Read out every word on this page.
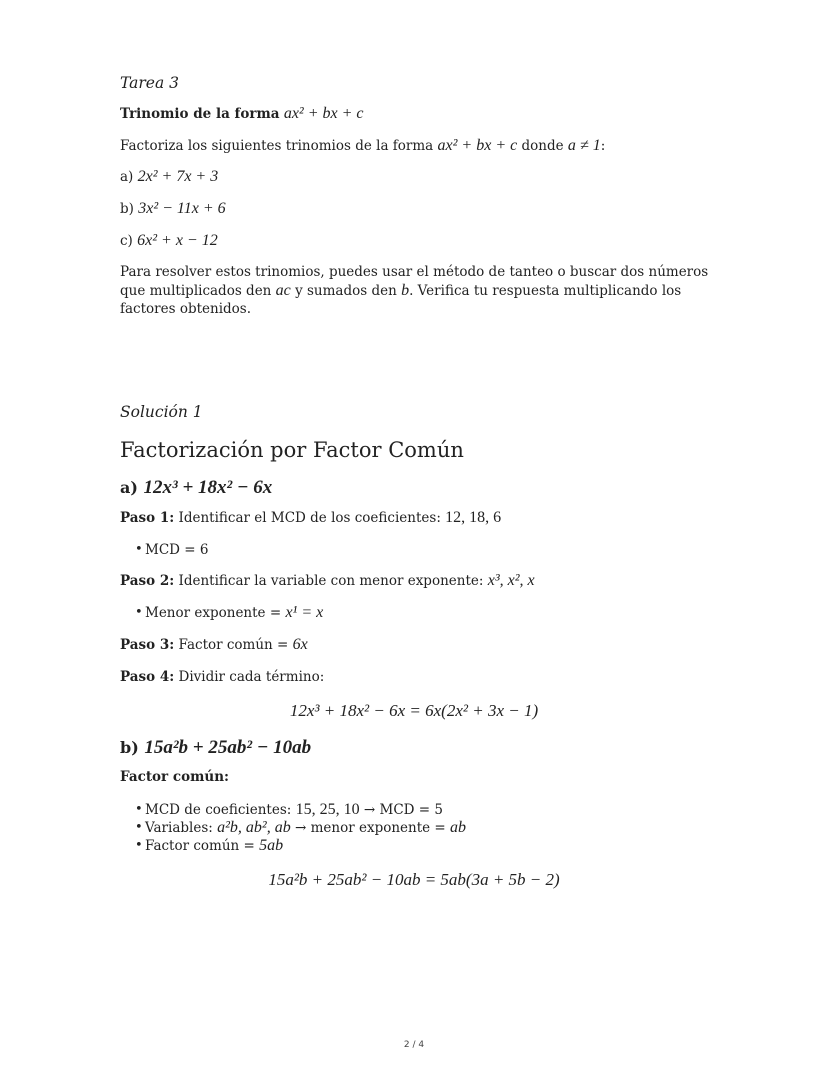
Tarea 3
Trinomio de la forma ax² + bx + c
Factoriza los siguientes trinomios de la forma ax² + bx + c donde a ≠ 1:
a) 2x² + 7x + 3
b) 3x² − 11x + 6
c) 6x² + x − 12
Para resolver estos trinomios, puedes usar el método de tanteo o buscar dos números que multiplicados den ac y sumados den b. Verifica tu respuesta multiplicando los factores obtenidos.
Solución 1
Factorización por Factor Común
a) 12x³ + 18x² − 6x
Paso 1: Identificar el MCD de los coeficientes: 12, 18, 6
• MCD = 6
Paso 2: Identificar la variable con menor exponente: x³, x², x
• Menor exponente = x¹ = x
Paso 3: Factor común = 6x
Paso 4: Dividir cada término:
12x³ + 18x² − 6x = 6x(2x² + 3x − 1)
b) 15a²b + 25ab² − 10ab
Factor común:
• MCD de coeficientes: 15, 25, 10 → MCD = 5
• Variables: a²b, ab², ab → menor exponente = ab
• Factor común = 5ab
15a²b + 25ab² − 10ab = 5ab(3a + 5b − 2)
2 / 4
